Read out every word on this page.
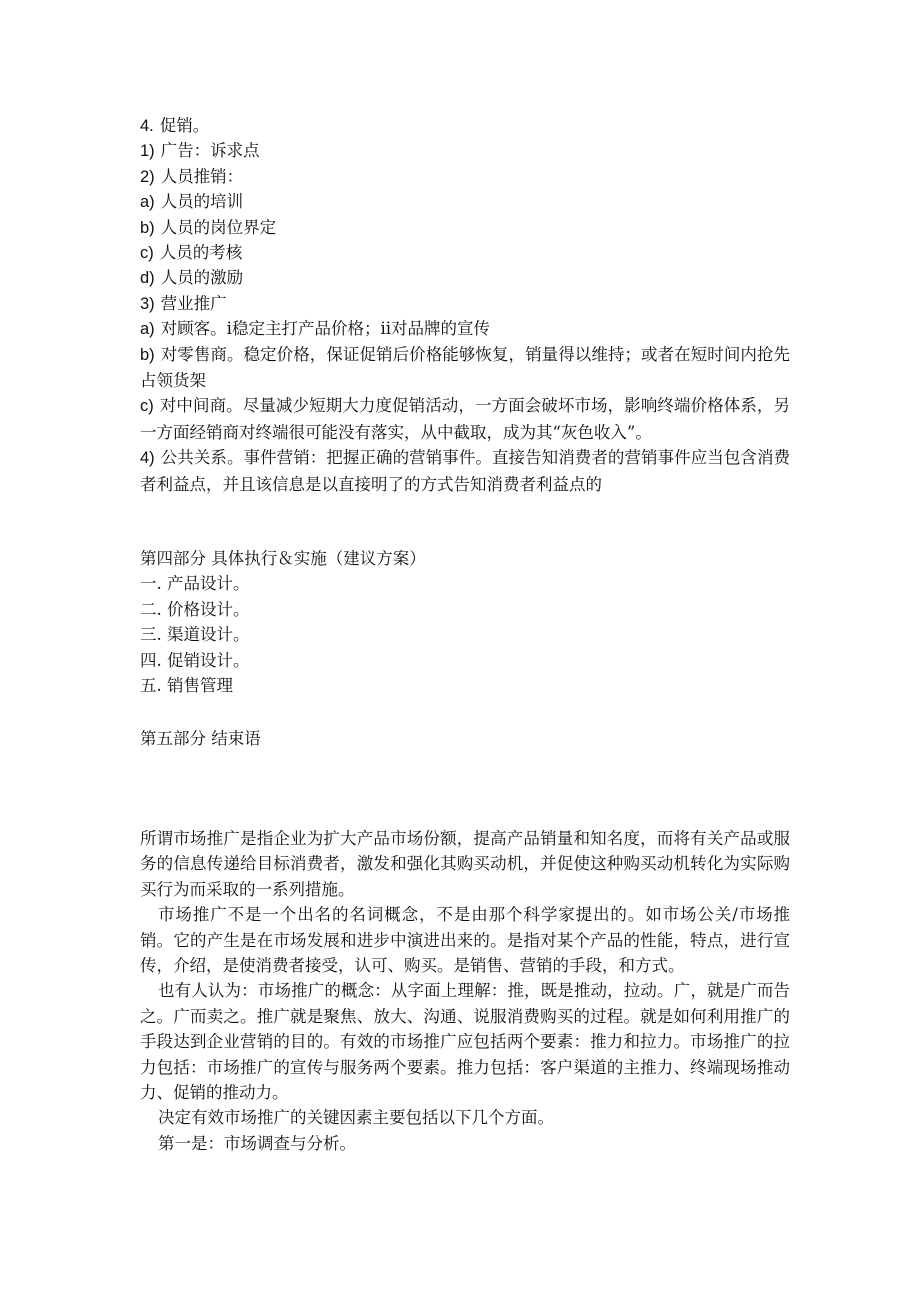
4. 促销。
1) 广告：诉求点
2) 人员推销：
a) 人员的培训
b) 人员的岗位界定
c) 人员的考核
d) 人员的激励
3) 营业推广
a) 对顾客。ⅰ稳定主打产品价格；ⅱ对品牌的宣传
b) 对零售商。稳定价格，保证促销后价格能够恢复，销量得以维持；或者在短时间内抢先占领货架
c) 对中间商。尽量减少短期大力度促销活动，一方面会破坏市场，影响终端价格体系，另一方面经销商对终端很可能没有落实，从中截取，成为其“灰色收入”。
4) 公共关系。事件营销：把握正确的营销事件。直接告知消费者的营销事件应当包含消费者利益点，并且该信息是以直接明了的方式告知消费者利益点的
第四部分 具体执行＆实施（建议方案）
一. 产品设计。
二. 价格设计。
三. 渠道设计。
四. 促销设计。
五. 销售管理
第五部分 结束语

所谓市场推广是指企业为扩大产品市场份额，提高产品销量和知名度，而将有关产品或服务的信息传递给目标消费者，激发和强化其购买动机，并促使这种购买动机转化为实际购买行为而采取的一系列措施。

市场推广不是一个出名的名词概念，不是由那个科学家提出的。如市场公关/市场推销。它的产生是在市场发展和进步中演进出来的。是指对某个产品的性能，特点，进行宣传，介绍，是使消费者接受，认可、购买。是销售、营销的手段，和方式。

也有人认为：市场推广的概念：从字面上理解：推，既是推动，拉动。广，就是广而告之。广而卖之。推广就是聚焦、放大、沟通、说服消费购买的过程。就是如何利用推广的手段达到企业营销的目的。有效的市场推广应包括两个要素：推力和拉力。市场推广的拉力包括：市场推广的宣传与服务两个要素。推力包括：客户渠道的主推力、终端现场推动力、促销的推动力。

决定有效市场推广的关键因素主要包括以下几个方面。

第一是：市场调查与分析。
